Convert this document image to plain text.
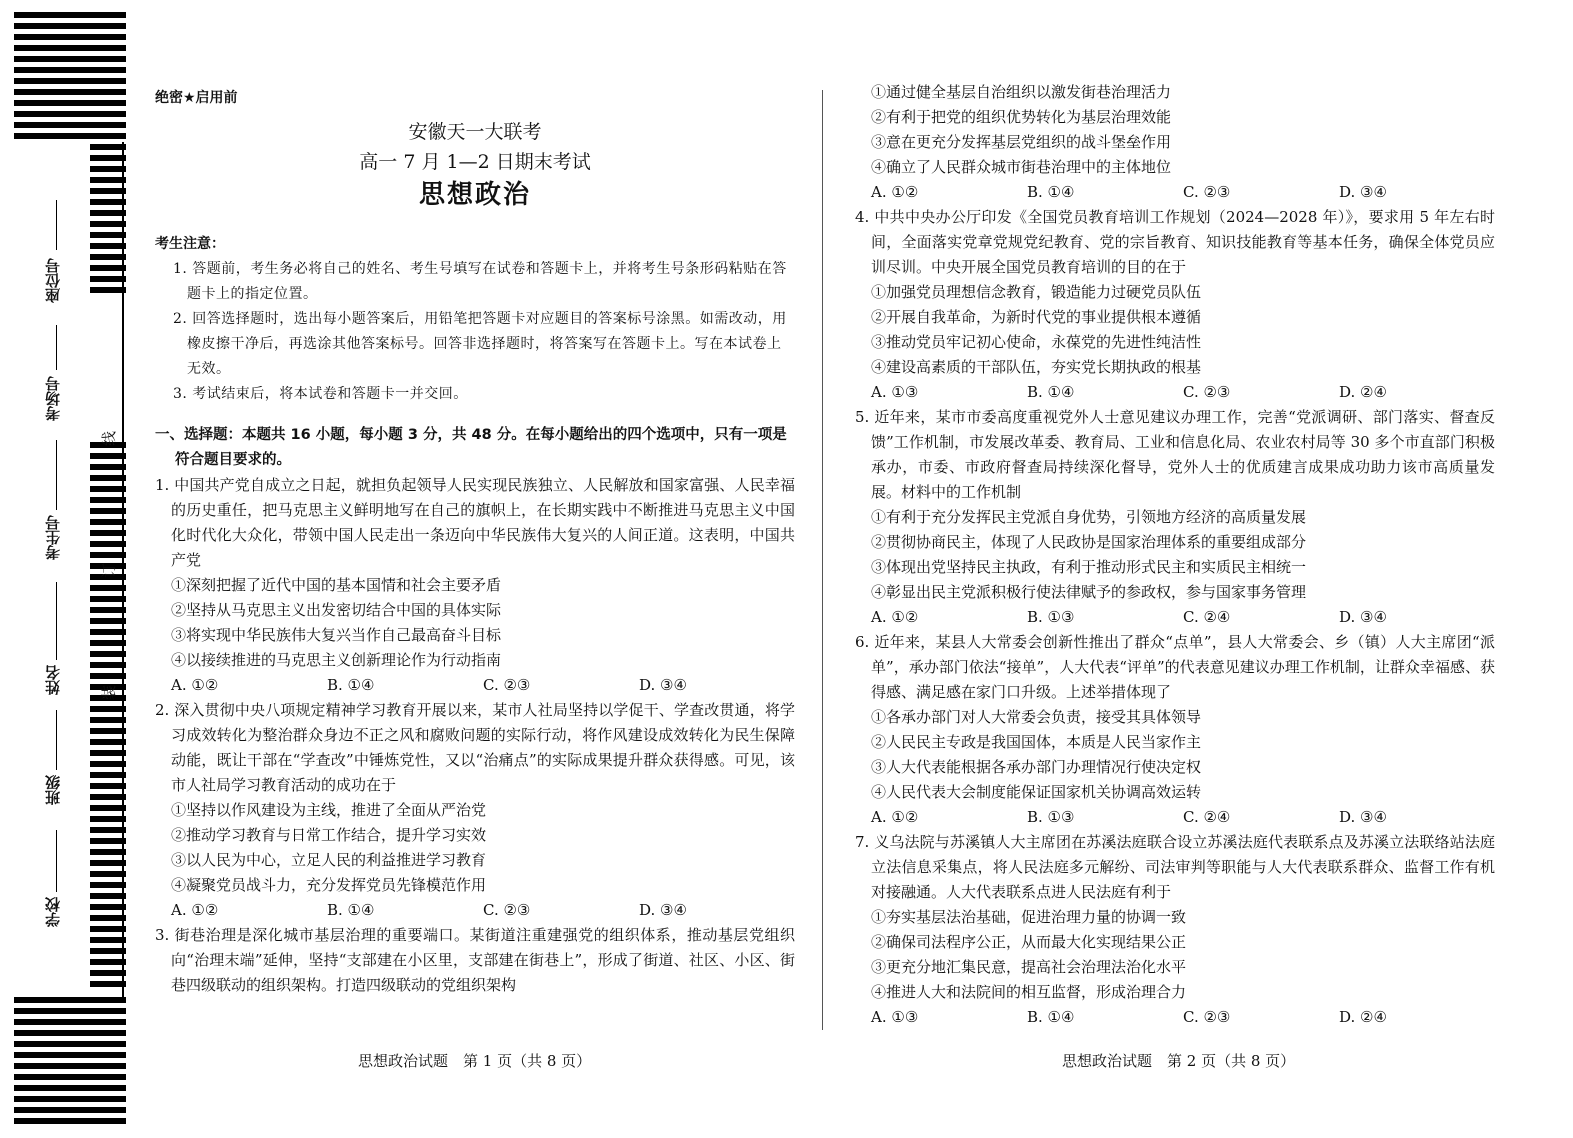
座位号
考场号
考生号
姓名
班级
学校
线
订
装
绝密★启用前
安徽天一大联考
高一 7 月 1—2 日期末考试
思想政治
考生注意：

1. 答题前，考生务必将自己的姓名、考生号填写在试卷和答题卡上，并将考生号条形码粘贴在答题卡上的指定位置。

2. 回答选择题时，选出每小题答案后，用铅笔把答题卡对应题目的答案标号涂黑。如需改动，用橡皮擦干净后，再选涂其他答案标号。回答非选择题时，将答案写在答题卡上。写在本试卷上无效。

3. 考试结束后，将本试卷和答题卡一并交回。

一、选择题：本题共 16 小题，每小题 3 分，共 48 分。在每小题给出的四个选项中，只有一项是符合题目要求的。

1. 中国共产党自成立之日起，就担负起领导人民实现民族独立、人民解放和国家富强、人民幸福的历史重任，把马克思主义鲜明地写在自己的旗帜上，在长期实践中不断推进马克思主义中国化时代化大众化，带领中国人民走出一条迈向中华民族伟大复兴的人间正道。这表明，中国共产党

①深刻把握了近代中国的基本国情和社会主要矛盾

②坚持从马克思主义出发密切结合中国的具体实际

③将实现中华民族伟大复兴当作自己最高奋斗目标

④以接续推进的马克思主义创新理论作为行动指南

A. ①②	B. ①④	C. ②③	D. ③④

2. 深入贯彻中央八项规定精神学习教育开展以来，某市人社局坚持以学促干、学查改贯通，将学习成效转化为整治群众身边不正之风和腐败问题的实际行动，将作风建设成效转化为民生保障动能，既让干部在“学查改”中锤炼党性，又以“治痛点”的实际成果提升群众获得感。可见，该市人社局学习教育活动的成功在于

①坚持以作风建设为主线，推进了全面从严治党

②推动学习教育与日常工作结合，提升学习实效

③以人民为中心，立足人民的利益推进学习教育

④凝聚党员战斗力，充分发挥党员先锋模范作用

A. ①②	B. ①④	C. ②③	D. ③④

3. 街巷治理是深化城市基层治理的重要端口。某街道注重建强党的组织体系，推动基层党组织向“治理末端”延伸，坚持“支部建在小区里，支部建在街巷上”，形成了街道、社区、小区、街巷四级联动的组织架构。打造四级联动的党组织架构

①通过健全基层自治组织以激发街巷治理活力

②有利于把党的组织优势转化为基层治理效能

③意在更充分发挥基层党组织的战斗堡垒作用

④确立了人民群众城市街巷治理中的主体地位

A. ①②	B. ①④	C. ②③	D. ③④

4. 中共中央办公厅印发《全国党员教育培训工作规划（2024—2028 年）》，要求用 5 年左右时间，全面落实党章党规党纪教育、党的宗旨教育、知识技能教育等基本任务，确保全体党员应训尽训。中央开展全国党员教育培训的目的在于

①加强党员理想信念教育，锻造能力过硬党员队伍

②开展自我革命，为新时代党的事业提供根本遵循

③推动党员牢记初心使命，永葆党的先进性纯洁性

④建设高素质的干部队伍，夯实党长期执政的根基

A. ①③	B. ①④	C. ②③	D. ②④

5. 近年来，某市市委高度重视党外人士意见建议办理工作，完善“党派调研、部门落实、督查反馈”工作机制，市发展改革委、教育局、工业和信息化局、农业农村局等 30 多个市直部门积极承办，市委、市政府督查局持续深化督导，党外人士的优质建言成果成功助力该市高质量发展。材料中的工作机制

①有利于充分发挥民主党派自身优势，引领地方经济的高质量发展

②贯彻协商民主，体现了人民政协是国家治理体系的重要组成部分

③体现出党坚持民主执政，有利于推动形式民主和实质民主相统一

④彰显出民主党派积极行使法律赋予的参政权，参与国家事务管理

A. ①②	B. ①③	C. ②④	D. ③④

6. 近年来，某县人大常委会创新性推出了群众“点单”，县人大常委会、乡（镇）人大主席团“派单”，承办部门依法“接单”，人大代表“评单”的代表意见建议办理工作机制，让群众幸福感、获得感、满足感在家门口升级。上述举措体现了

①各承办部门对人大常委会负责，接受其具体领导

②人民民主专政是我国国体，本质是人民当家作主

③人大代表能根据各承办部门办理情况行使决定权

④人民代表大会制度能保证国家机关协调高效运转

A. ①②	B. ①③	C. ②④	D. ③④

7. 义乌法院与苏溪镇人大主席团在苏溪法庭联合设立苏溪法庭代表联系点及苏溪立法联络站法庭立法信息采集点，将人民法庭多元解纷、司法审判等职能与人大代表联系群众、监督工作有机对接融通。人大代表联系点进人民法庭有利于

①夯实基层法治基础，促进治理力量的协调一致

②确保司法程序公正，从而最大化实现结果公正

③更充分地汇集民意，提高社会治理法治化水平

④推进人大和法院间的相互监督，形成治理合力

A. ①③	B. ①④	C. ②③	D. ②④
思想政治试题　第 1 页（共 8 页）	思想政治试题　第 2 页（共 8 页）
